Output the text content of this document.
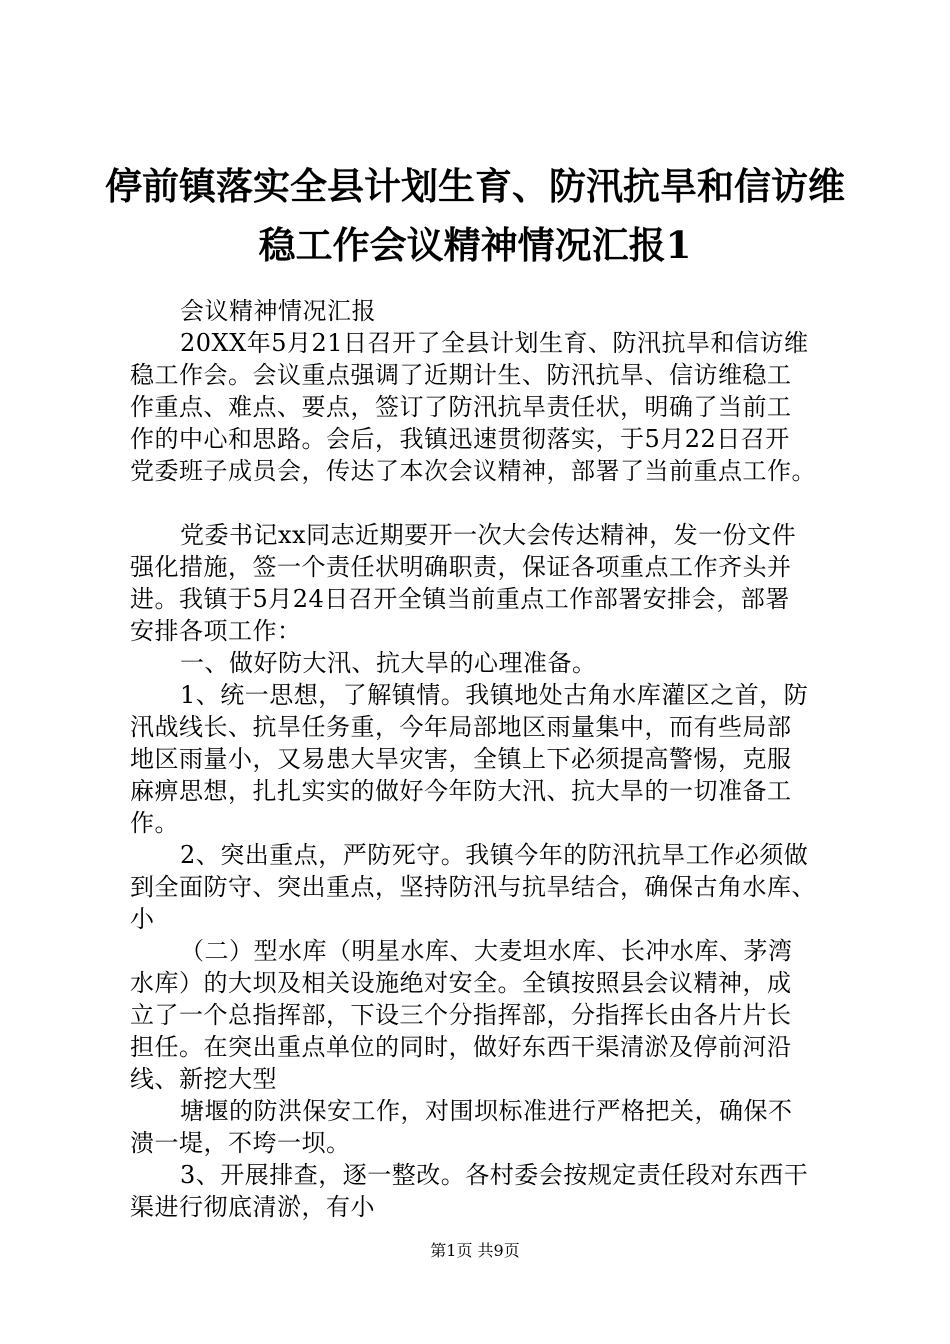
停前镇落实全县计划生育、防汛抗旱和信访维
稳工作会议精神情况汇报1
会议精神情况汇报
20XX年5月21日召开了全县计划生育、防汛抗旱和信访维
稳工作会。会议重点强调了近期计生、防汛抗旱、信访维稳工
作重点、难点、要点，签订了防汛抗旱责任状，明确了当前工
作的中心和思路。会后，我镇迅速贯彻落实，于5月22日召开
党委班子成员会，传达了本次会议精神，部署了当前重点工作。
党委书记xx同志近期要开一次大会传达精神，发一份文件
强化措施，签一个责任状明确职责，保证各项重点工作齐头并
进。我镇于5月24日召开全镇当前重点工作部署安排会，部署
安排各项工作：
一、做好防大汛、抗大旱的心理准备。
1、统一思想，了解镇情。我镇地处古角水库灌区之首，防
汛战线长、抗旱任务重，今年局部地区雨量集中，而有些局部
地区雨量小，又易患大旱灾害，全镇上下必须提高警惕，克服
麻痹思想，扎扎实实的做好今年防大汛、抗大旱的一切准备工
作。
2、突出重点，严防死守。我镇今年的防汛抗旱工作必须做
到全面防守、突出重点，坚持防汛与抗旱结合，确保古角水库、
小
（二）型水库（明星水库、大麦坦水库、长冲水库、茅湾
水库）的大坝及相关设施绝对安全。全镇按照县会议精神，成
立了一个总指挥部，下设三个分指挥部，分指挥长由各片片长
担任。在突出重点单位的同时，做好东西干渠清淤及停前河沿
线、新挖大型
塘堰的防洪保安工作，对围坝标准进行严格把关，确保不
溃一堤，不垮一坝。
3、开展排查，逐一整改。各村委会按规定责任段对东西干
渠进行彻底清淤，有小
第1页 共9页
